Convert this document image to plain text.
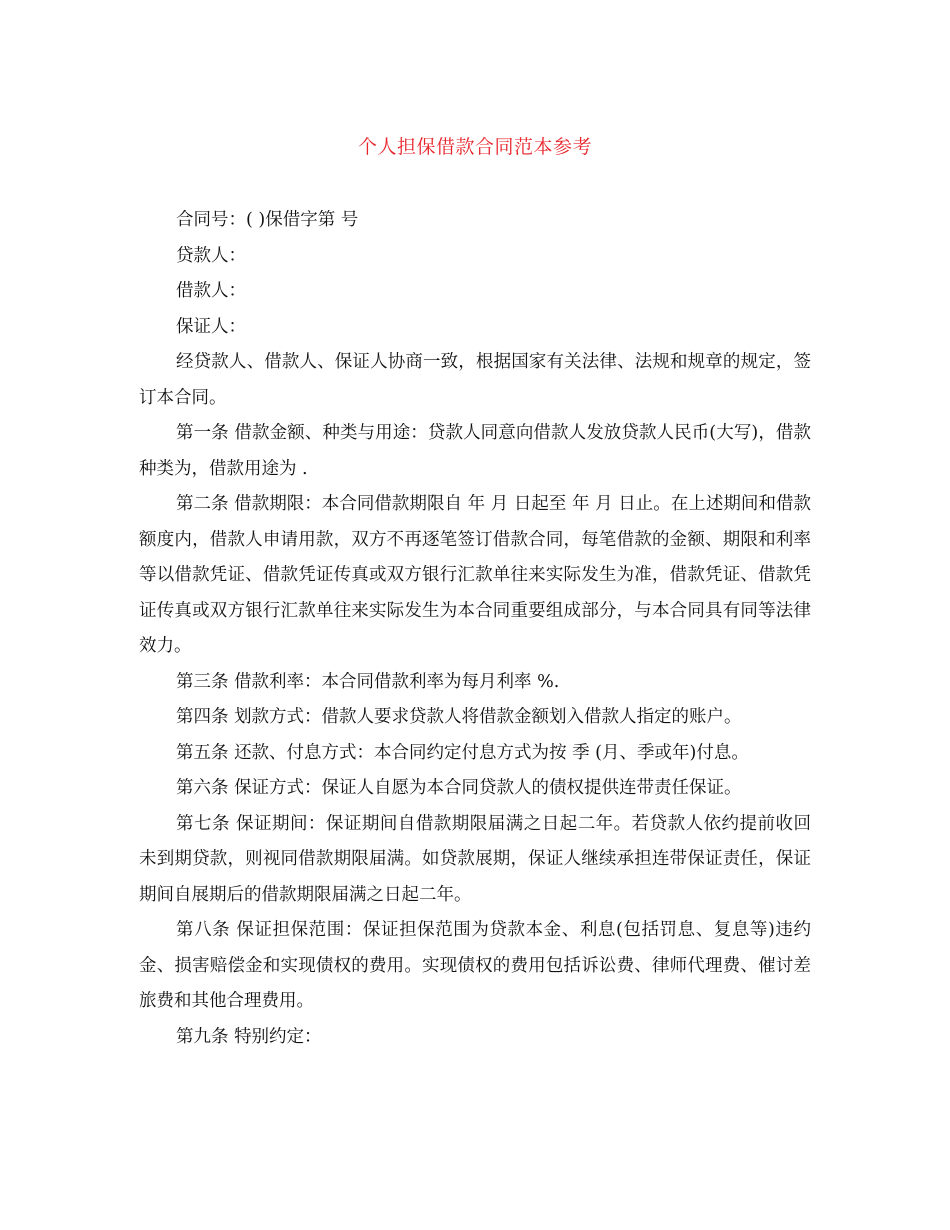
个人担保借款合同范本参考

合同号：( )保借字第 号

贷款人：

借款人：

保证人：

经贷款人、借款人、保证人协商一致，根据国家有关法律、法规和规章的规定，签订本合同。

第一条 借款金额、种类与用途：贷款人同意向借款人发放贷款人民币(大写)，借款种类为，借款用途为 .

第二条 借款期限：本合同借款期限自 年 月 日起至 年 月 日止。在上述期间和借款额度内，借款人申请用款，双方不再逐笔签订借款合同，每笔借款的金额、期限和利率等以借款凭证、借款凭证传真或双方银行汇款单往来实际发生为准，借款凭证、借款凭证传真或双方银行汇款单往来实际发生为本合同重要组成部分，与本合同具有同等法律效力。

第三条 借款利率：本合同借款利率为每月利率 %.

第四条 划款方式：借款人要求贷款人将借款金额划入借款人指定的账户。

第五条 还款、付息方式：本合同约定付息方式为按 季 (月、季或年)付息。

第六条 保证方式：保证人自愿为本合同贷款人的债权提供连带责任保证。

第七条 保证期间：保证期间自借款期限届满之日起二年。若贷款人依约提前收回未到期贷款，则视同借款期限届满。如贷款展期，保证人继续承担连带保证责任，保证期间自展期后的借款期限届满之日起二年。

第八条 保证担保范围：保证担保范围为贷款本金、利息(包括罚息、复息等)违约金、损害赔偿金和实现债权的费用。实现债权的费用包括诉讼费、律师代理费、催讨差旅费和其他合理费用。

第九条 特别约定：
